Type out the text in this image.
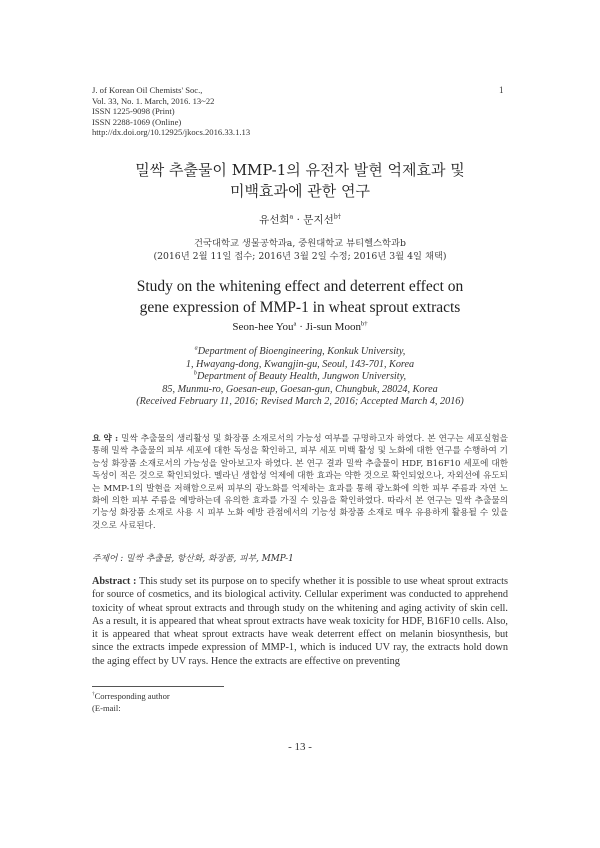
J. of Korean Oil Chemists' Soc.,
Vol. 33, No. 1. March, 2016. 13~22
ISSN 1225-9098 (Print)
ISSN 2288-1069 (Online)
http://dx.doi.org/10.12925/jkocs.2016.33.1.13
1
밀싹 추출물이 MMP-1의 유전자 발현 억제효과 및
미백효과에 관한 연구
유선희$^a$ · 문지선$^{b\dagger}$
건국대학교 생물공학과a, 중원대학교 뷰티헬스학과b
(2016년 2월 11일 접수; 2016년 3월 2일 수정; 2016년 3월 4일 채택)
Study on the whitening effect and deterrent effect on
gene expression of MMP-1 in wheat sprout extracts
Seon-hee You$^a$ · Ji-sun Moon$^{b\dagger}$
$^a$Department of Bioengineering, Konkuk University,
1, Hwayang-dong, Kwangjin-gu, Seoul, 143-701, Korea
$^b$Department of Beauty Health, Jungwon University,
85, Munmu-ro, Goesan-eup, Goesan-gun, Chungbuk, 28024, Korea
(Received February 11, 2016; Revised March 2, 2016; Accepted March 4, 2016)
요 약 : 밀싹 추출물의 생리활성 및 화장품 소재로서의 가능성 여부를 규명하고자 하였다. 본 연구는 세포실험을 통해 밀싹 추출물의 피부 세포에 대한 독성을 확인하고, 피부 세포 미백 활성 및 노화에 대한 연구를 수행하여 기능성 화장품 소재로서의 가능성을 알아보고자 하였다. 본 연구 결과 밀싹 추출물이 HDF, B16F10 세포에 대한 독성이 적은 것으로 확인되었다. 멜라닌 생합성 억제에 대한 효과는 약한 것으로 확인되었으나, 자외선에 유도되는 MMP-1의 발현을 저해함으로써 피부의 광노화를 억제하는 효과를 통해 광노화에 의한 피부 주름과 자연 노화에 의한 피부 주름을 예방하는데 유의한 효과를 가질 수 있음을 확인하였다. 따라서 본 연구는 밀싹 추출물의 기능성 화장품 소재로 사용 시 피부 노화 예방 관점에서의 기능성 화장품 소재로 매우 유용하게 활용될 수 있을 것으로 사료된다.
주제어 : 밀싹 추출물, 항산화, 화장품, 피부, MMP-1
Abstract : This study set its purpose on to specify whether it is possible to use wheat sprout extracts for source of cosmetics, and its biological activity. Cellular experiment was conducted to apprehend toxicity of wheat sprout extracts and through study on the whitening and aging activity of skin cell. As a result, it is appeared that wheat sprout extracts have weak toxicity for HDF, B16F10 cells. Also, it is appeared that wheat sprout extracts have weak deterrent effect on melanin biosynthesis, but since the extracts impede expression of MMP-1, which is induced UV ray, the extracts hold down the aging effect by UV rays. Hence the extracts are effective on preventing
†Corresponding author
(E-mail:
- 13 -
